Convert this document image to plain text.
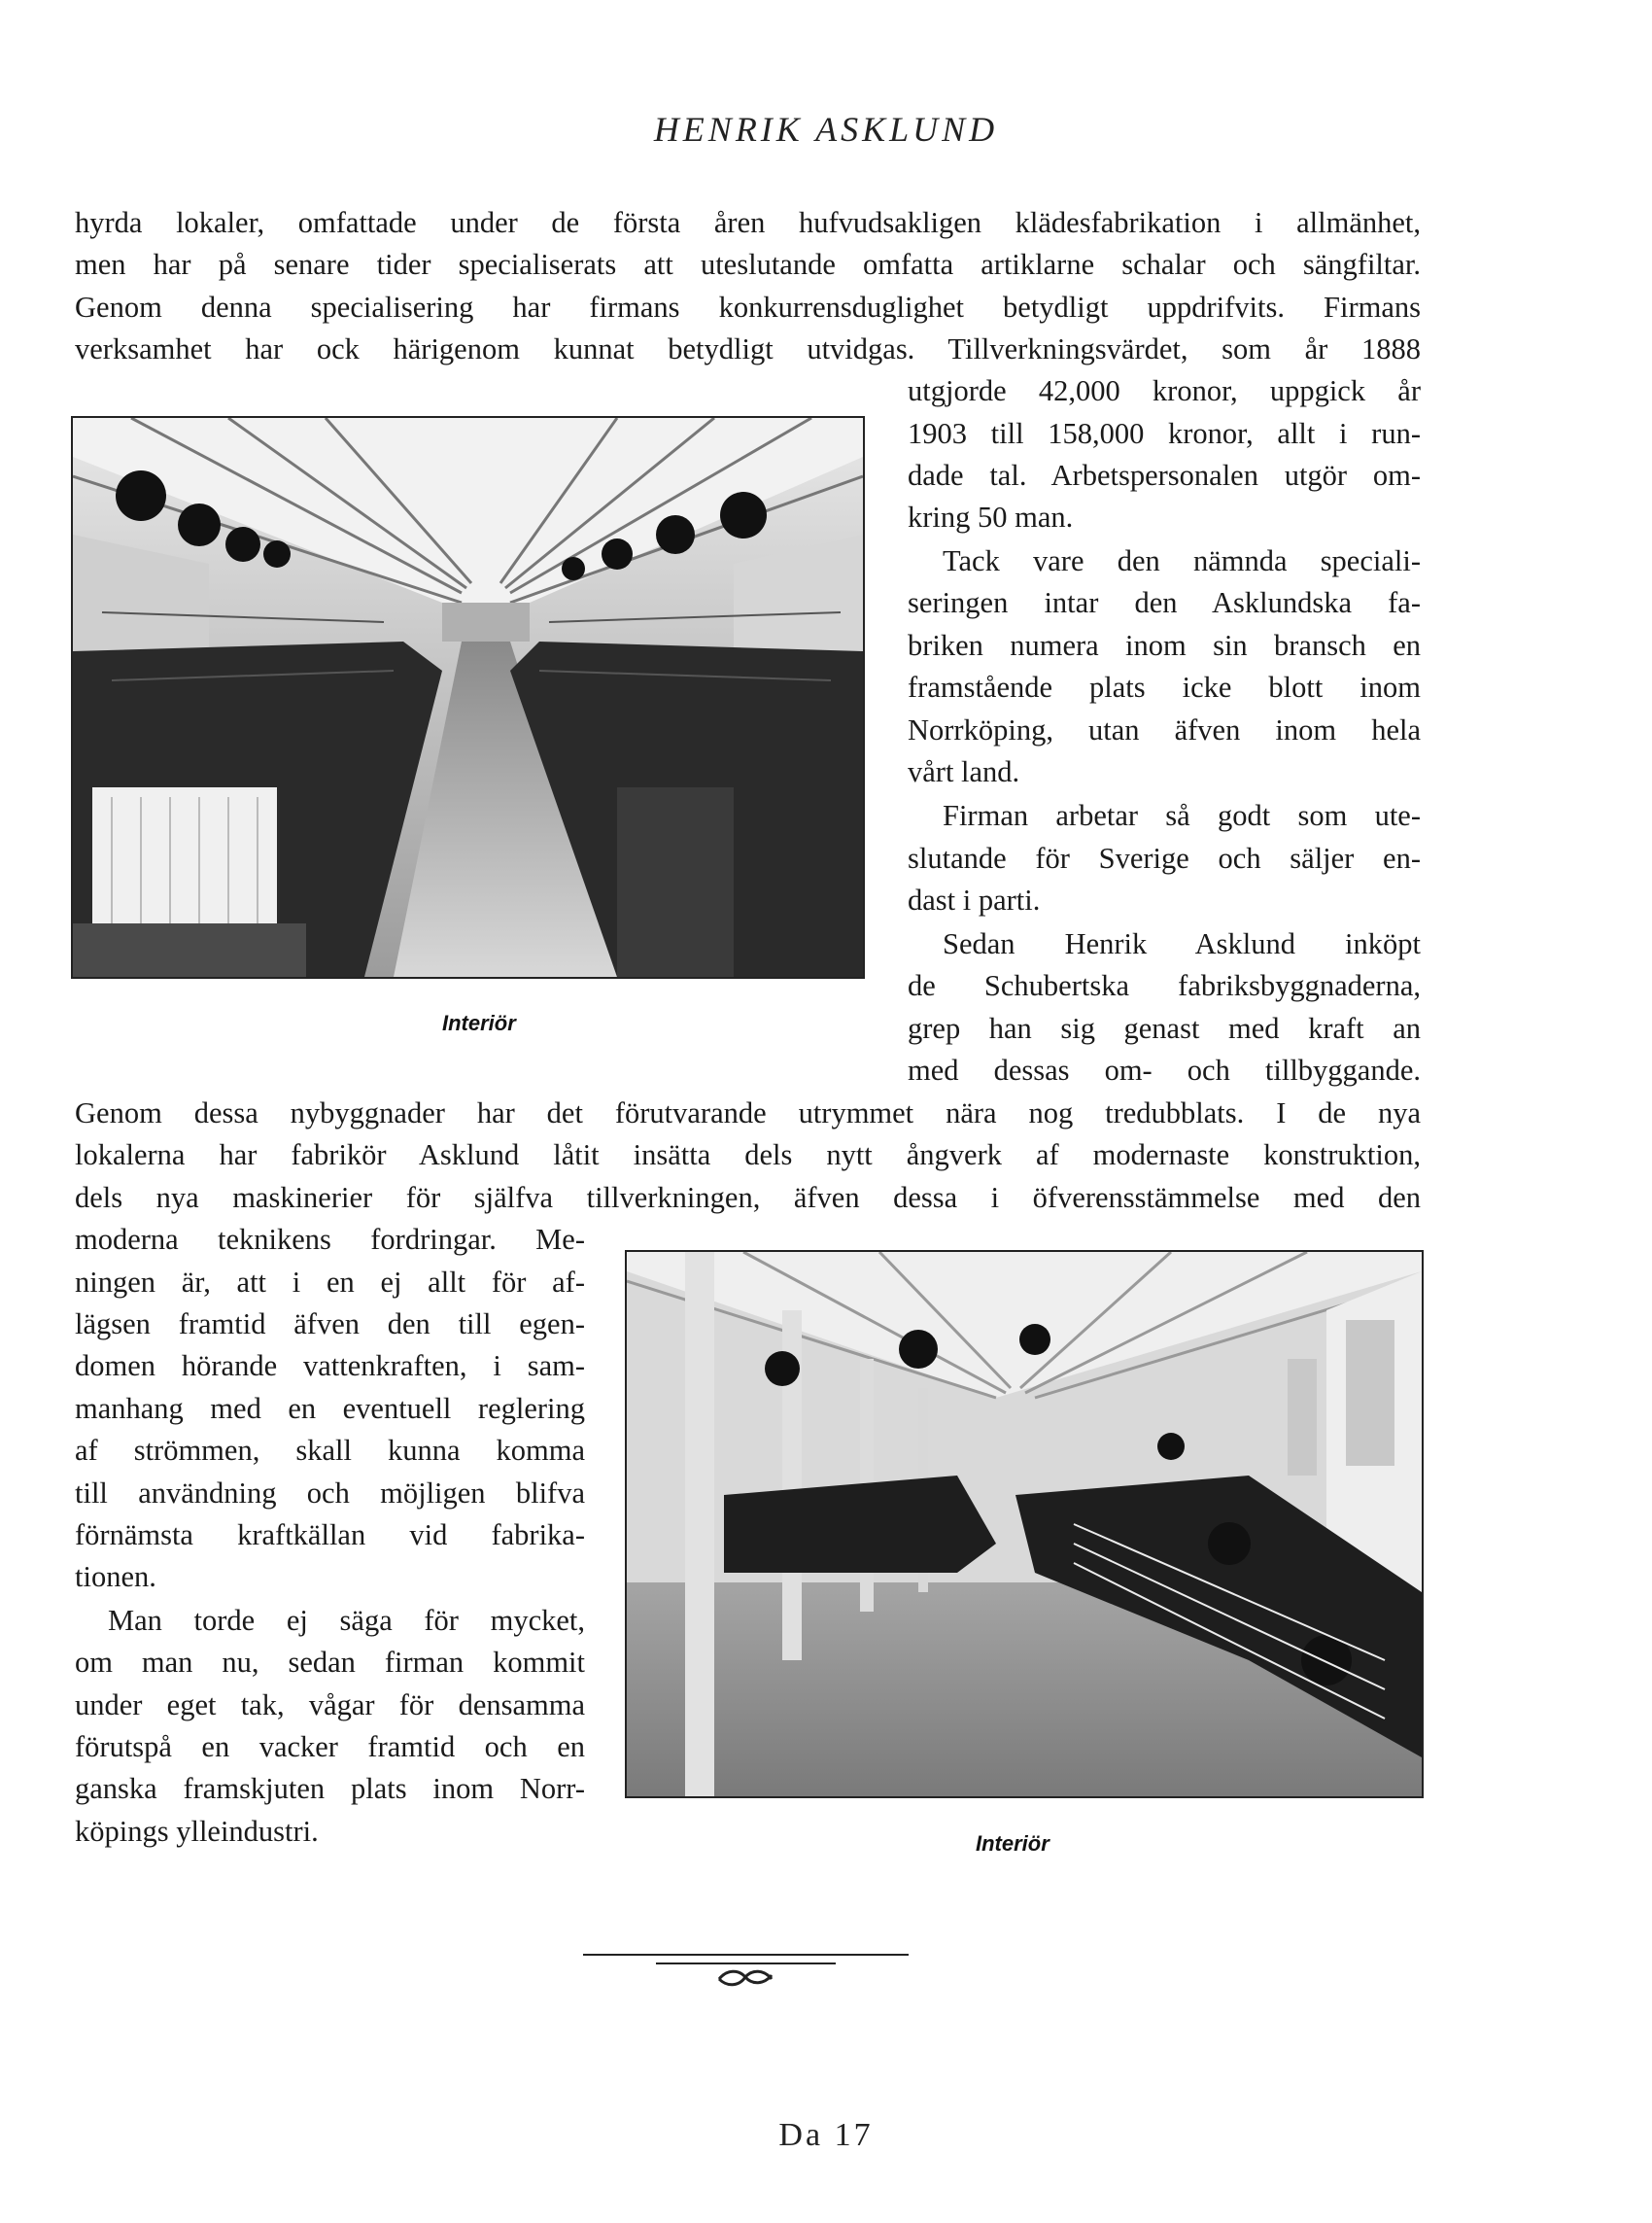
HENRIK ASKLUND
hyrda lokaler, omfattade under de första åren hufvudsakligen klädesfabrikation i allmänhet,
men har på senare tider specialiserats att uteslutande omfatta artiklarne schalar och sängfiltar.
Genom denna specialisering har firmans konkurrensduglighet betydligt uppdrifvits. Firmans
verksamhet har ock härigenom kunnat betydligt utvidgas. Tillverkningsvärdet, som år 1888
utgjorde 42,000 kronor, uppgick år
1903 till 158,000 kronor, allt i run-
dade tal. Arbetspersonalen utgör om-
kring 50 man.
Tack vare den nämnda speciali-
seringen intar den Asklundska fa-
briken numera inom sin bransch en
framstående plats icke blott inom
Norrköping, utan äfven inom hela
vårt land.
Firman arbetar så godt som ute-
slutande för Sverige och säljer en-
dast i parti.
Sedan Henrik Asklund inköpt
de Schubertska fabriksbyggnaderna,
grep han sig genast med kraft an
med dessas om- och tillbyggande.
Interiör
Genom dessa nybyggnader har det förutvarande utrymmet nära nog tredubblats. I de nya
lokalerna har fabrikör Asklund låtit insätta dels nytt ångverk af modernaste konstruktion,
dels nya maskinerier för själfva tillverkningen, äfven dessa i öfverensstämmelse med den
moderna teknikens fordringar. Me-
ningen är, att i en ej allt för af-
lägsen framtid äfven den till egen-
domen hörande vattenkraften, i sam-
manhang med en eventuell reglering
af strömmen, skall kunna komma
till användning och möjligen blifva
förnämsta kraftkällan vid fabrika-
tionen.
Man torde ej säga för mycket,
om man nu, sedan firman kommit
under eget tak, vågar för densamma
förutspå en vacker framtid och en
ganska framskjuten plats inom Norr-
köpings ylleindustri.	Interiör
Da 17
